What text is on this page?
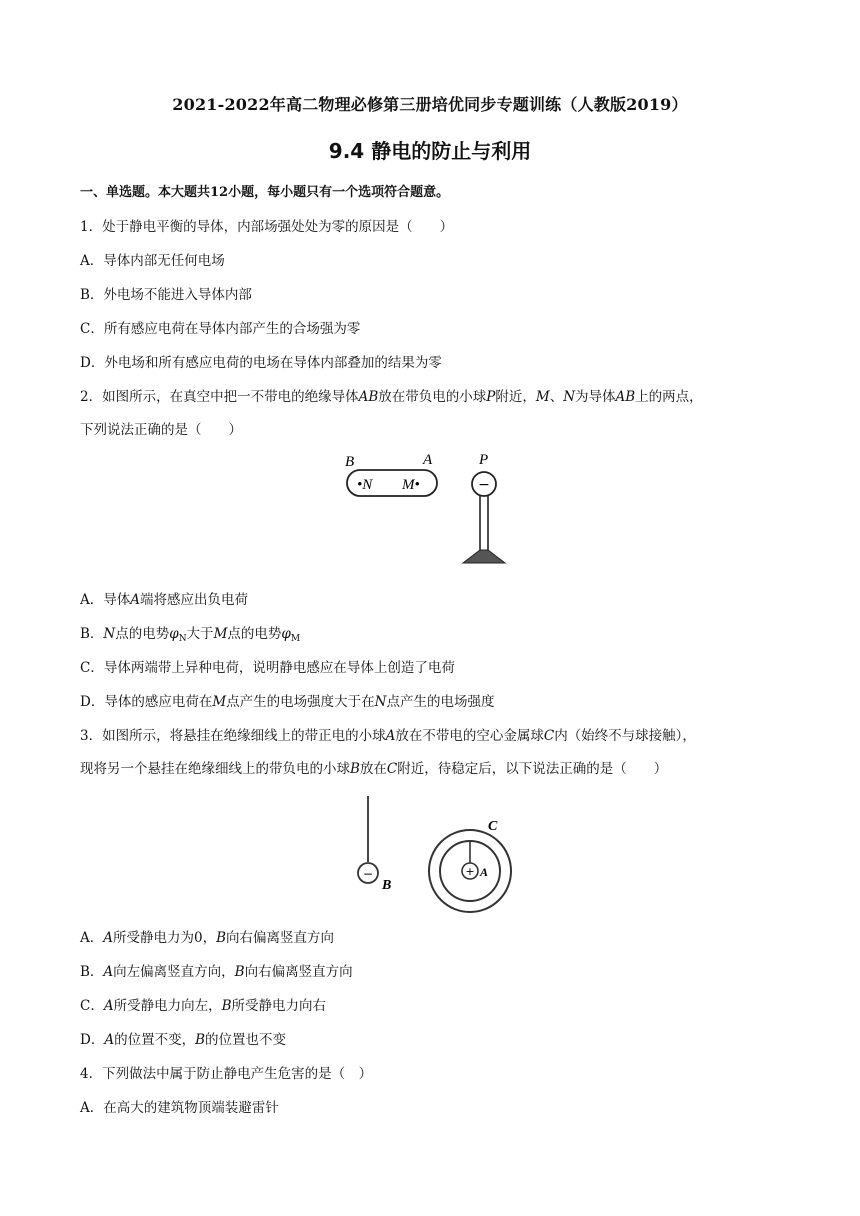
2021-2022年高二物理必修第三册培优同步专题训练（人教版2019）
9.4 静电的防止与利用
一、单选题。本大题共12小题，每小题只有一个选项符合题意。
1．处于静电平衡的导体，内部场强处处为零的原因是（　　）
A．导体内部无任何电场
B．外电场不能进入导体内部
C．所有感应电荷在导体内部产生的合场强为零
D．外电场和所有感应电荷的电场在导体内部叠加的结果为零
2．如图所示，在真空中把一不带电的绝缘导体AB放在带负电的小球P附近，M、N为导体AB上的两点，
下列说法正确的是（　　）
B	A	P
•N M•	−
A．导体A端将感应出负电荷
B．N点的电势$\varphi_N$大于M点的电势$\varphi_M$
C．导体两端带上异种电荷，说明静电感应在导体上创造了电荷
D．导体的感应电荷在M点产生的电场强度大于在N点产生的电场强度
3．如图所示，将悬挂在绝缘细线上的带正电的小球A放在不带电的空心金属球C内（始终不与球接触），
现将另一个悬挂在绝缘细线上的带负电的小球B放在C附近，待稳定后，以下说法正确的是（　　）
−
B
C
+ A
A．A所受静电力为0，B向右偏离竖直方向
B．A向左偏离竖直方向，B向右偏离竖直方向
C．A所受静电力向左，B所受静电力向右
D．A的位置不变，B的位置也不变
4．下列做法中属于防止静电产生危害的是（　）
A．在高大的建筑物顶端装避雷针
